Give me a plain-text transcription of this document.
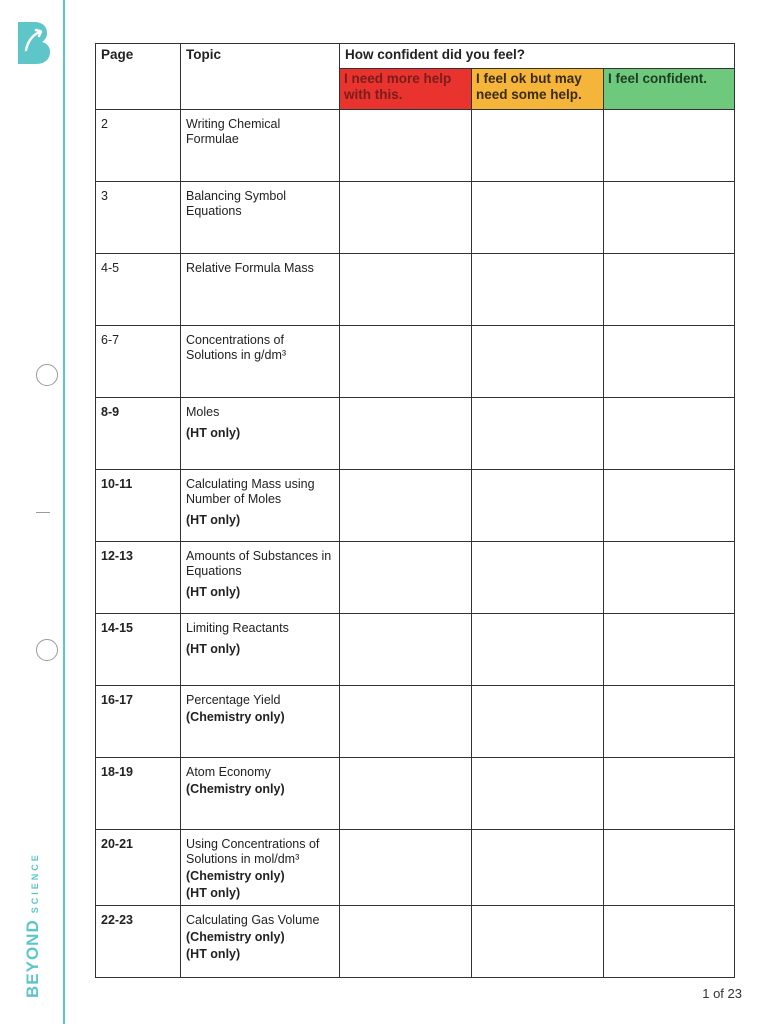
BEYOND
SCIENCE
Page	Topic	How confident did you feel?		
		I need more help with this.	I feel ok but may need some help.	I feel confident.
2	Writing Chemical Formulae			

3	Balancing Symbol Equations			

4-5	Relative Formula Mass			

6-7	Concentrations of Solutions in g/dm³			

8-9	Moles
(HT only)			

10-11	Calculating Mass using Number of Moles
(HT only)			

12-13	Amounts of Substances in Equations
(HT only)			

14-15	Limiting Reactants
(HT only)			

16-17	Percentage Yield
(Chemistry only)			

18-19	Atom Economy
(Chemistry only)			

20-21	Using Concentrations of Solutions in mol/dm³
(Chemistry only)
(HT only)			

22-23	Calculating Gas Volume
(Chemistry only)
(HT only)			

1 of 23
